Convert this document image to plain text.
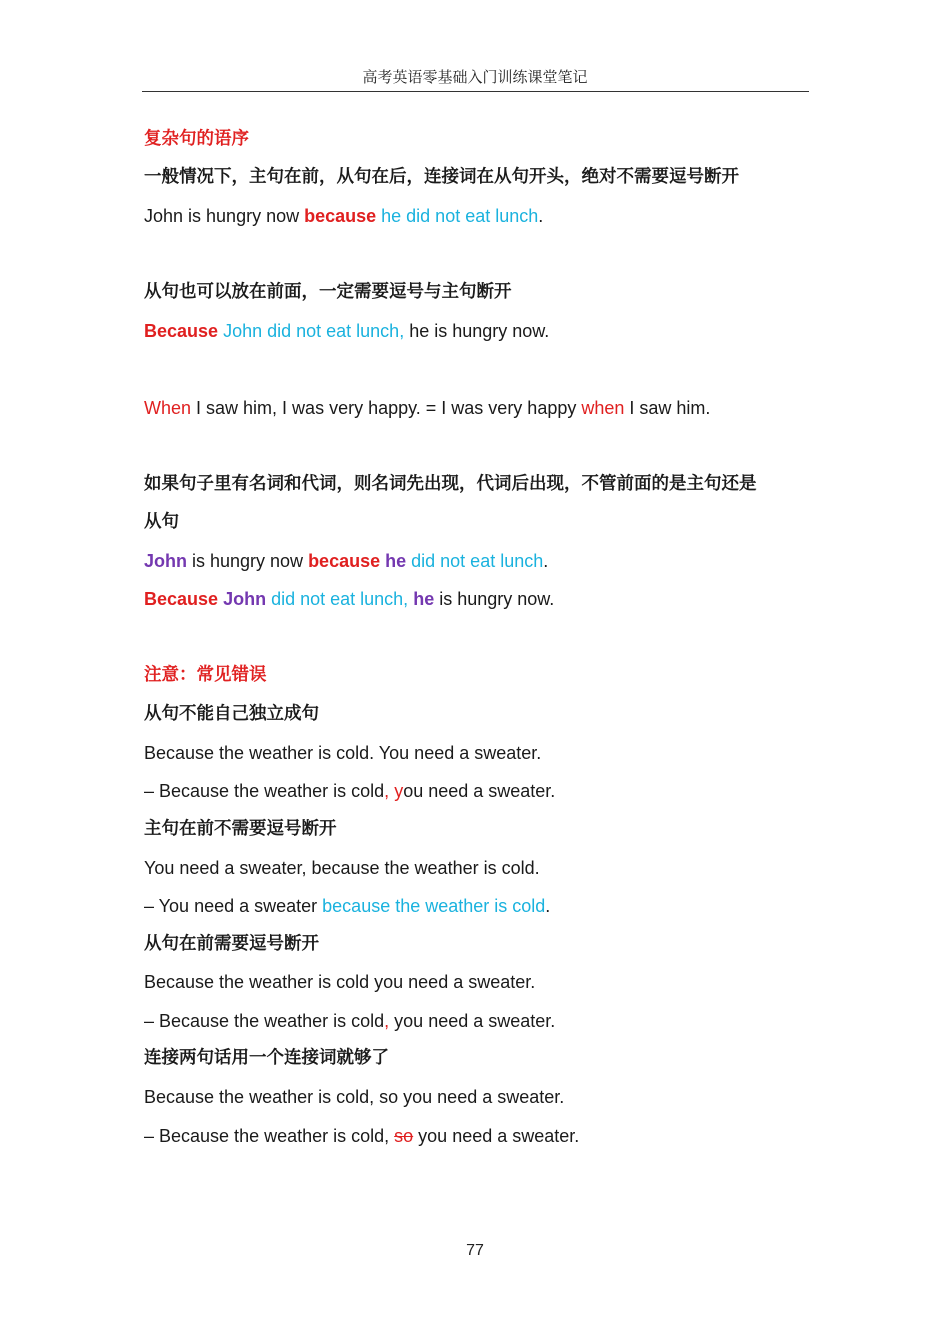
高考英语零基础入门训练课堂笔记
复杂句的语序
一般情况下，主句在前，从句在后，连接词在从句开头，绝对不需要逗号断开
John is hungry now because he did not eat lunch.
从句也可以放在前面，一定需要逗号与主句断开
Because John did not eat lunch, he is hungry now.
When I saw him, I was very happy. = I was very happy when I saw him.
如果句子里有名词和代词，则名词先出现，代词后出现，不管前面的是主句还是
从句
John is hungry now because he did not eat lunch.
Because John did not eat lunch, he is hungry now.
注意：常见错误
从句不能自己独立成句
Because the weather is cold. You need a sweater.
– Because the weather is cold, you need a sweater.
主句在前不需要逗号断开
You need a sweater, because the weather is cold.
– You need a sweater because the weather is cold.
从句在前需要逗号断开
Because the weather is cold you need a sweater.
– Because the weather is cold, you need a sweater.
连接两句话用一个连接词就够了
Because the weather is cold, so you need a sweater.
– Because the weather is cold, so you need a sweater.
77
